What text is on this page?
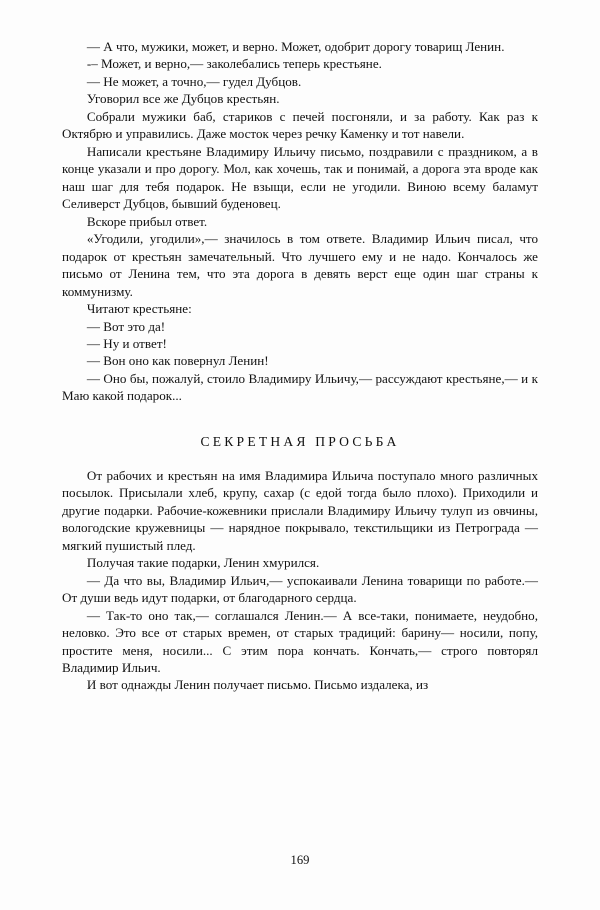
— А что, мужики, может, и верно. Может, одобрит дорогу товарищ Ленин.

-– Может, и верно,— заколебались теперь крестьяне.

— Не может, а точно,— гудел Дубцов.

Уговорил все же Дубцов крестьян.

Собрали мужики баб, стариков с печей посгоняли, и за работу. Как раз к Октябрю и управились. Даже мосток через речку Каменку и тот навели.

Написали крестьяне Владимиру Ильичу письмо, поздравили с праздником, а в конце указали и про дорогу. Мол, как хочешь, так и понимай, а дорога эта вроде как наш шаг для тебя подарок. Не взыщи, если не угодили. Виною всему баламут Селиверст Дубцов, бывший буденовец.

Вскоре прибыл ответ.

«Угодили, угодили»,— значилось в том ответе. Владимир Ильич писал, что подарок от крестьян замечательный. Что лучшего ему и не надо. Кончалось же письмо от Ленина тем, что эта дорога в девять верст еще один шаг страны к коммунизму.

Читают крестьяне:

— Вот это да!

— Ну и ответ!

— Вон оно как повернул Ленин!

— Оно бы, пожалуй, стоило Владимиру Ильичу,— рассуждают крестьяне,— и к Маю какой подарок...

СЕКРЕТНАЯ ПРОСЬБА

От рабочих и крестьян на имя Владимира Ильича поступало много различных посылок. Присылали хлеб, крупу, сахар (с едой тогда было плохо). Приходили и другие подарки. Рабочие-кожевники прислали Владимиру Ильичу тулуп из овчины, вологодские кружевницы — нарядное покрывало, текстильщики из Петрограда — мягкий пушистый плед.

Получая такие подарки, Ленин хмурился.

— Да что вы, Владимир Ильич,— успокаивали Ленина товарищи по работе.— От души ведь идут подарки, от благодарного сердца.

— Так-то оно так,— соглашался Ленин.— А все-таки, понимаете, неудобно, неловко. Это все от старых времен, от старых традиций: барину— носили, попу, простите меня, носили... С этим пора кончать. Кончать,— строго повторял Владимир Ильич.

И вот однажды Ленин получает письмо. Письмо издалека, из

169
